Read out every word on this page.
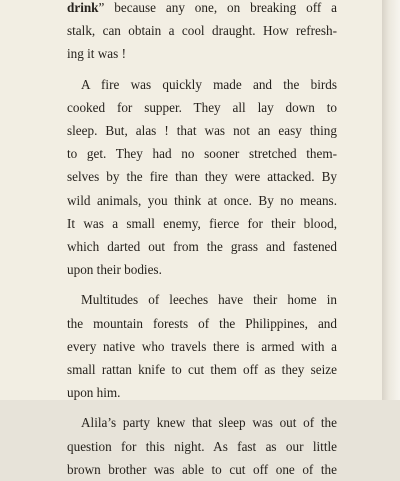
drink” because any one, on breaking off a
stalk, can obtain a cool draught. How refresh-
ing it was !
A fire was quickly made and the birds
cooked for supper. They all lay down to
sleep. But, alas ! that was not an easy thing
to get. They had no sooner stretched them-
selves by the fire than they were attacked. By
wild animals, you think at once. By no means.
It was a small enemy, fierce for their blood,
which darted out from the grass and fastened
upon their bodies.
Multitudes of leeches have their home in
the mountain forests of the Philippines, and
every native who travels there is armed with a
small rattan knife to cut them off as they seize
upon him.
Alila’s party knew that sleep was out of the
question for this night. As fast as our little
brown brother was able to cut off one of the
